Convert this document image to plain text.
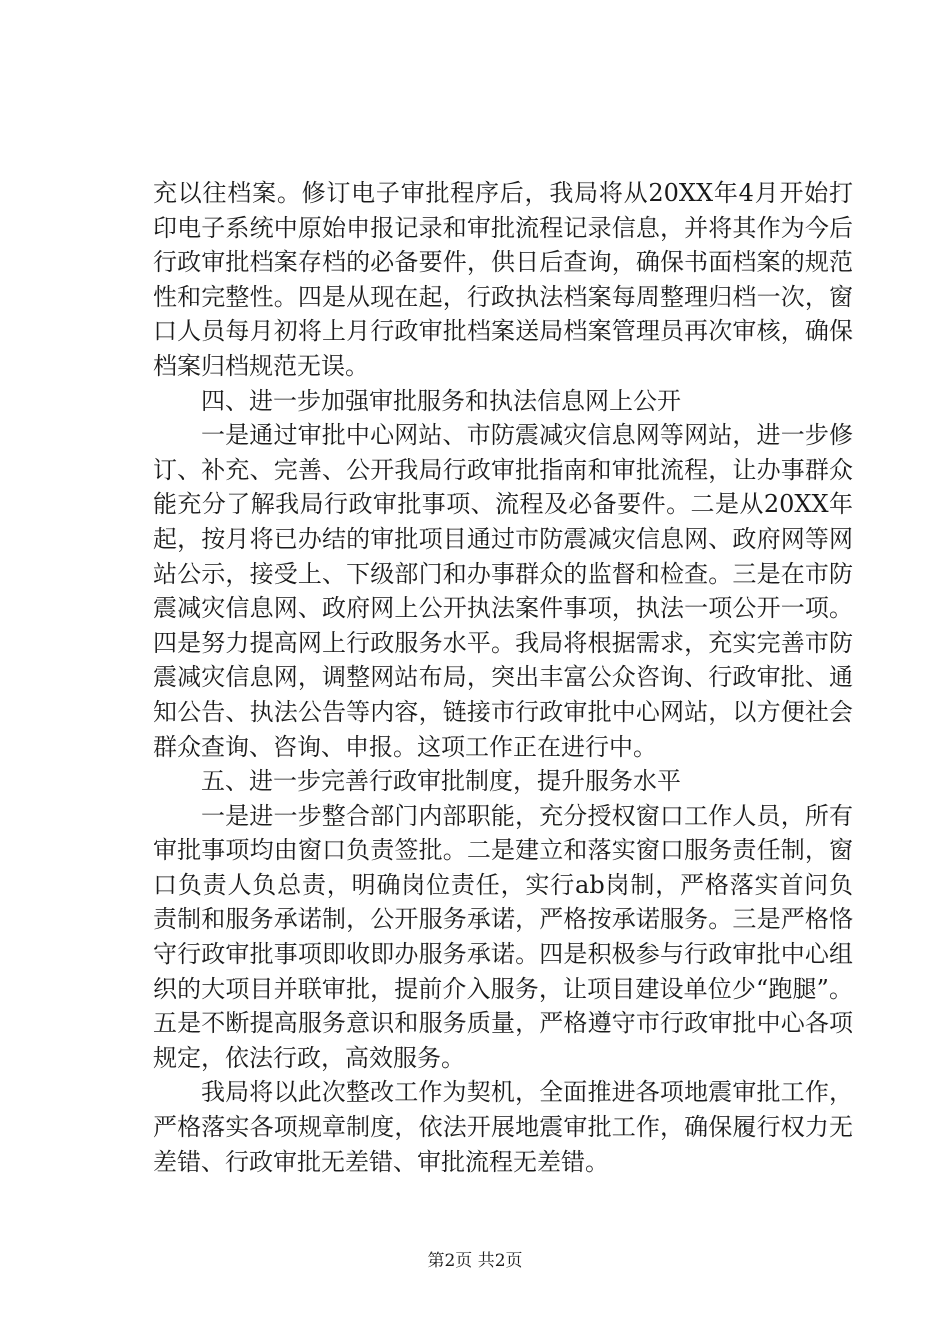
充以往档案。修订电子审批程序后，我局将从20XX年4月开始打印电子系统中原始申报记录和审批流程记录信息，并将其作为今后行政审批档案存档的必备要件，供日后查询，确保书面档案的规范性和完整性。四是从现在起，行政执法档案每周整理归档一次，窗口人员每月初将上月行政审批档案送局档案管理员再次审核，确保档案归档规范无误。

四、进一步加强审批服务和执法信息网上公开

一是通过审批中心网站、市防震减灾信息网等网站，进一步修订、补充、完善、公开我局行政审批指南和审批流程，让办事群众能充分了解我局行政审批事项、流程及必备要件。二是从20XX年起，按月将已办结的审批项目通过市防震减灾信息网、政府网等网站公示，接受上、下级部门和办事群众的监督和检查。三是在市防震减灾信息网、政府网上公开执法案件事项，执法一项公开一项。四是努力提高网上行政服务水平。我局将根据需求，充实完善市防震减灾信息网，调整网站布局，突出丰富公众咨询、行政审批、通知公告、执法公告等内容，链接市行政审批中心网站，以方便社会群众查询、咨询、申报。这项工作正在进行中。

五、进一步完善行政审批制度，提升服务水平

一是进一步整合部门内部职能，充分授权窗口工作人员，所有审批事项均由窗口负责签批。二是建立和落实窗口服务责任制，窗口负责人负总责，明确岗位责任，实行ab岗制，严格落实首问负责制和服务承诺制，公开服务承诺，严格按承诺服务。三是严格恪守行政审批事项即收即办服务承诺。四是积极参与行政审批中心组织的大项目并联审批，提前介入服务，让项目建设单位少“跑腿”。五是不断提高服务意识和服务质量，严格遵守市行政审批中心各项规定，依法行政，高效服务。

我局将以此次整改工作为契机，全面推进各项地震审批工作，严格落实各项规章制度，依法开展地震审批工作，确保履行权力无差错、行政审批无差错、审批流程无差错。

第2页 共2页
